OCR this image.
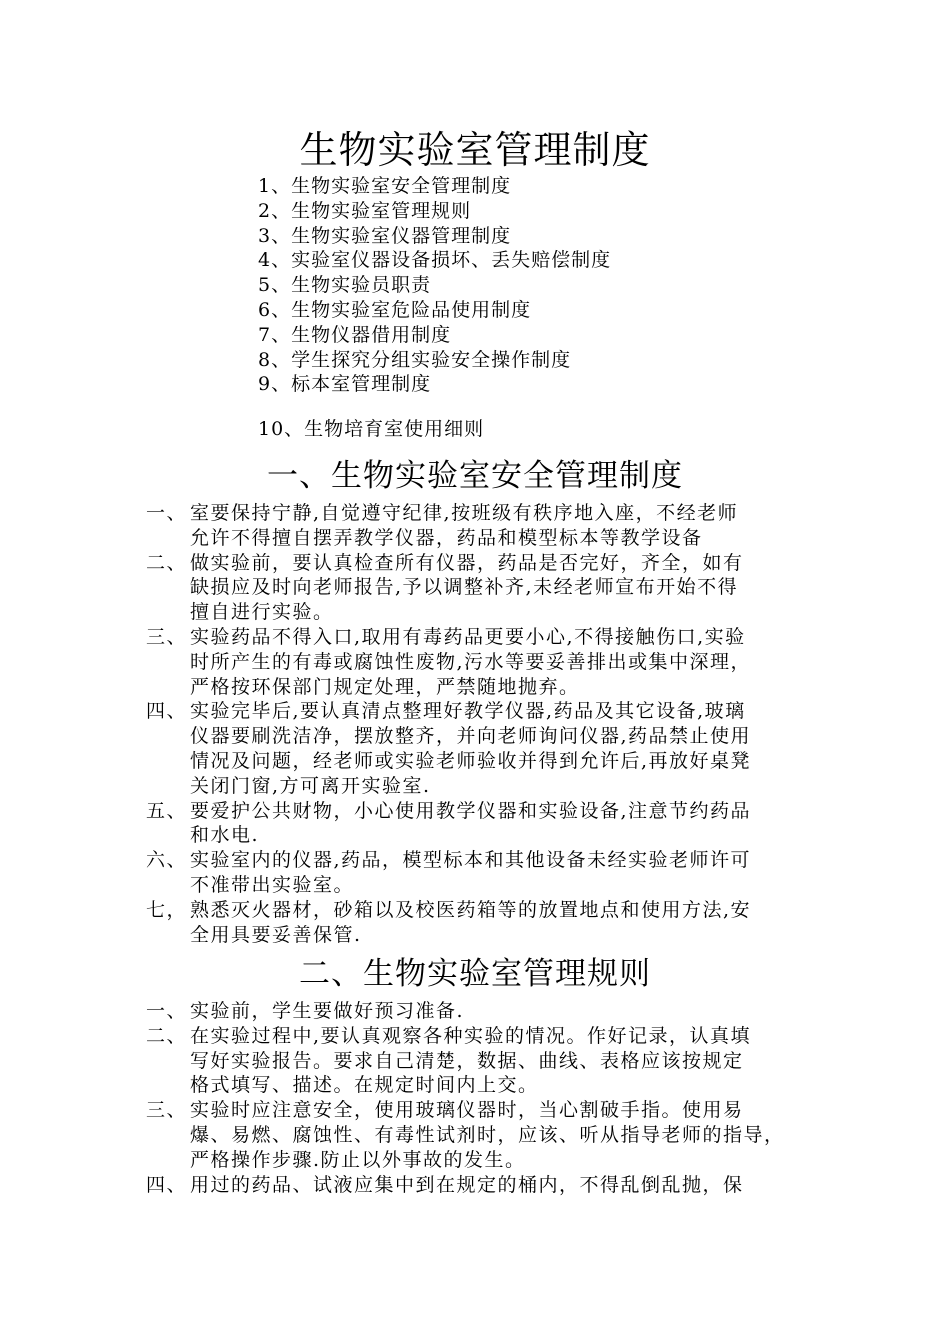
生物实验室管理制度
1、生物实验室安全管理制度
2、生物实验室管理规则
3、生物实验室仪器管理制度
4、实验室仪器设备损坏、丢失赔偿制度
5、生物实验员职责
6、生物实验室危险品使用制度
7、生物仪器借用制度
8、学生探究分组实验安全操作制度
9、标本室管理制度
10、生物培育室使用细则
一、生物实验室安全管理制度
一、 室要保持宁静,自觉遵守纪律,按班级有秩序地入座，不经老师
允许不得擅自摆弄教学仪器，药品和模型标本等教学设备
二、 做实验前，要认真检查所有仪器，药品是否完好，齐全，如有
缺损应及时向老师报告,予以调整补齐,未经老师宣布开始不得
擅自进行实验。
三、 实验药品不得入口,取用有毒药品更要小心,不得接触伤口,实验
时所产生的有毒或腐蚀性废物,污水等要妥善排出或集中深理，
严格按环保部门规定处理，严禁随地抛弃。
四、 实验完毕后,要认真清点整理好教学仪器,药品及其它设备,玻璃
仪器要刷洗洁净，摆放整齐，并向老师询问仪器,药品禁止使用
情况及问题，经老师或实验老师验收并得到允许后,再放好桌凳
关闭门窗,方可离开实验室.
五、 要爱护公共财物，小心使用教学仪器和实验设备,注意节约药品
和水电.
六、 实验室内的仪器,药品，模型标本和其他设备未经实验老师许可
不准带出实验室。
七， 熟悉灭火器材，砂箱以及校医药箱等的放置地点和使用方法,安
全用具要妥善保管.
二、生物实验室管理规则
一、 实验前，学生要做好预习准备.
二、 在实验过程中,要认真观察各种实验的情况。作好记录，认真填
写好实验报告。要求自己清楚，数据、曲线、表格应该按规定
格式填写、描述。在规定时间内上交。
三、 实验时应注意安全，使用玻璃仪器时，当心割破手指。使用易
爆、易燃、腐蚀性、有毒性试剂时，应该、听从指导老师的指导，
严格操作步骤.防止以外事故的发生。
四、 用过的药品、试液应集中到在规定的桶内，不得乱倒乱抛，保
